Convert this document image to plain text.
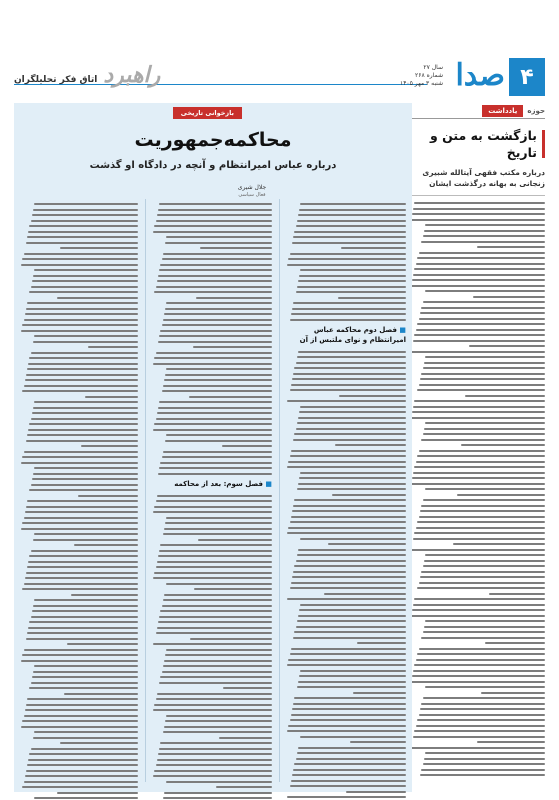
۴
صدا
سال ۲۷
شماره ۲۶۸
شنبه ۳ مهر ۱۴۰۵
راهبرد
اتاق فکر تحلیلگران
حوزه
یادداشت
بازگشت به متن و تاریخ

درباره مکتب فقهی آیتالله شبیری زنجانی به بهانه درگذشت ایشان

بازخوانی تاریخی
محاکمه‌جمهوریت
درباره عباس امیرانتظام و آنچه در دادگاه او گذشت
جلال شیری
فعال سیاسی
■ فصل دوم محاکمه عباس امیرانتظام و نوای ملتبس از آن
■ فصل سوم: بعد از محاکمه
